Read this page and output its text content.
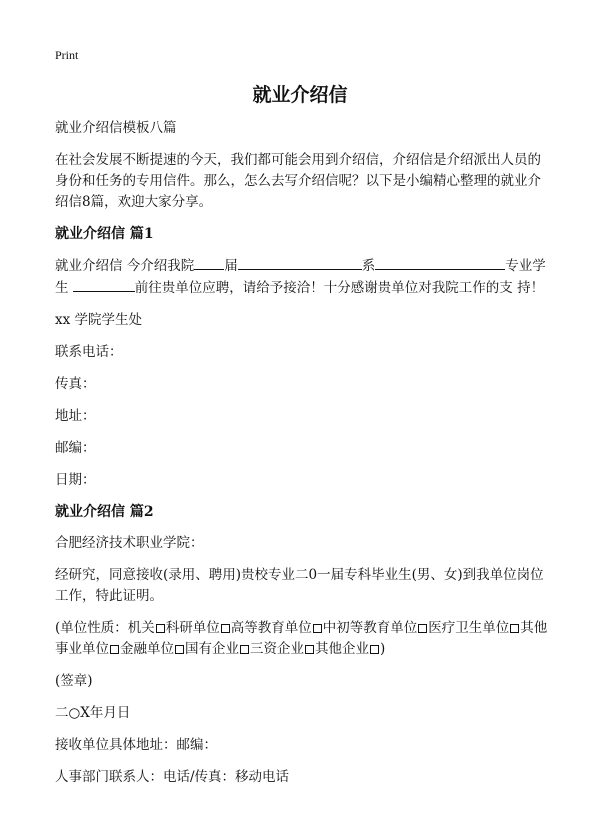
Print
就业介绍信

就业介绍信模板八篇

在社会发展不断提速的今天，我们都可能会用到介绍信，介绍信是介绍派出人员的身份和任务的专用信件。那么，怎么去写介绍信呢？以下是小编精心整理的就业介绍信8篇，欢迎大家分享。

就业介绍信 篇1

就业介绍信 今介绍我院 届	系	专业学生	前往贵单位应聘，请给予接洽！十分感谢贵单位对我院工作的支 持！

xx 学院学生处

联系电话：

传真：

地址：

邮编：

日期：

就业介绍信 篇2

合肥经济技术职业学院：

经研究，同意接收(录用、聘用)贵校专业二0一届专科毕业生(男、女)到我单位岗位工作，特此证明。

(单位性质：机关 科研单位 高等教育单位 中初等教育单位 医疗卫生单位 其他事业单位 金融单位 国有企业 三资企业 其他企业 )

(签章)

二○X年月日

接收单位具体地址：邮编：

人事部门联系人：电话/传真：移动电话
